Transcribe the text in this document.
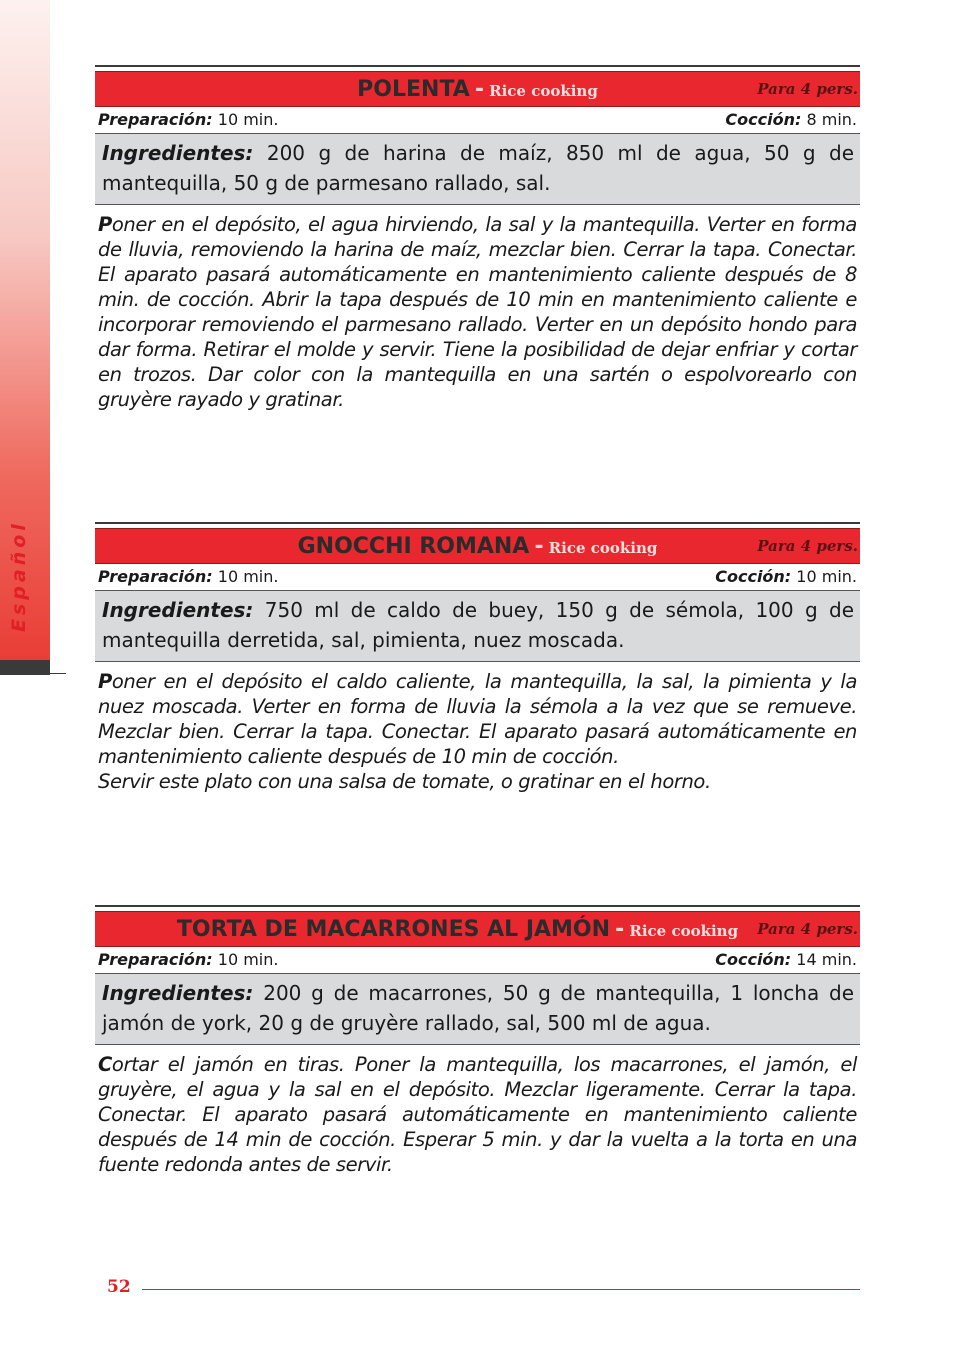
Español
POLENTA - Rice cooking	Para 4 pers.
Preparación: 10 min.	Cocción: 8 min.
Ingredientes: 200 g de harina de maíz, 850 ml de agua, 50 g de mantequilla, 50 g de parmesano rallado, sal.

Poner en el depósito, el agua hirviendo, la sal y la mantequilla. Verter en forma de lluvia, removiendo la harina de maíz, mezclar bien. Cerrar la tapa. Conectar. El aparato pasará automáticamente en mantenimiento caliente después de 8 min. de cocción. Abrir la tapa después de 10 min en mantenimiento caliente e incorporar removiendo el parmesano rallado. Verter en un depósito hondo para dar forma. Retirar el molde y servir. Tiene la posibilidad de dejar enfriar y cortar en trozos. Dar color con la mantequilla en una sartén o espolvorearlo con gruyère rayado y gratinar.

GNOCCHI ROMANA - Rice cooking	Para 4 pers.
Preparación: 10 min.	Cocción: 10 min.
Ingredientes: 750 ml de caldo de buey, 150 g de sémola, 100 g de mantequilla derretida, sal, pimienta, nuez moscada.

Poner en el depósito el caldo caliente, la mantequilla, la sal, la pimienta y la nuez moscada. Verter en forma de lluvia la sémola a la vez que se remueve. Mezclar bien. Cerrar la tapa. Conectar. El aparato pasará automáticamente en mantenimiento caliente después de 10 min de cocción.

Servir este plato con una salsa de tomate, o gratinar en el horno.

TORTA DE MACARRONES AL JAMÓN - Rice cooking	Para 4 pers.
Preparación: 10 min.	Cocción: 14 min.
Ingredientes: 200 g de macarrones, 50 g de mantequilla, 1 loncha de jamón de york, 20 g de gruyère rallado, sal, 500 ml de agua.

Cortar el jamón en tiras. Poner la mantequilla, los macarrones, el jamón, el gruyère, el agua y la sal en el depósito. Mezclar ligeramente. Cerrar la tapa. Conectar. El aparato pasará automáticamente en mantenimiento caliente después de 14 min de cocción. Esperar 5 min. y dar la vuelta a la torta en una fuente redonda antes de servir.

52
